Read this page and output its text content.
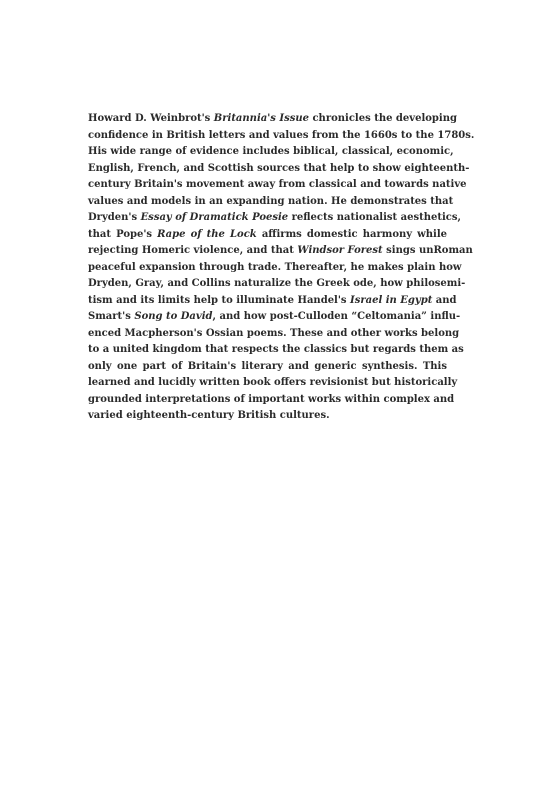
Howard D. Weinbrot's Britannia's Issue chronicles the developing
confidence in British letters and values from the 1660s to the 1780s.
His wide range of evidence includes biblical, classical, economic,
English, French, and Scottish sources that help to show eighteenth-
century Britain's movement away from classical and towards native
values and models in an expanding nation. He demonstrates that
Dryden's Essay of Dramatick Poesie reflects nationalist aesthetics,
that Pope's Rape of the Lock affirms domestic harmony while
rejecting Homeric violence, and that Windsor Forest sings unRoman
peaceful expansion through trade. Thereafter, he makes plain how
Dryden, Gray, and Collins naturalize the Greek ode, how philosemi-
tism and its limits help to illuminate Handel's Israel in Egypt and
Smart's Song to David, and how post-Culloden “Celtomania” influ-
enced Macpherson's Ossian poems. These and other works belong
to a united kingdom that respects the classics but regards them as
only one part of Britain's literary and generic synthesis. This
learned and lucidly written book offers revisionist but historically
grounded interpretations of important works within complex and
varied eighteenth-century British cultures.
